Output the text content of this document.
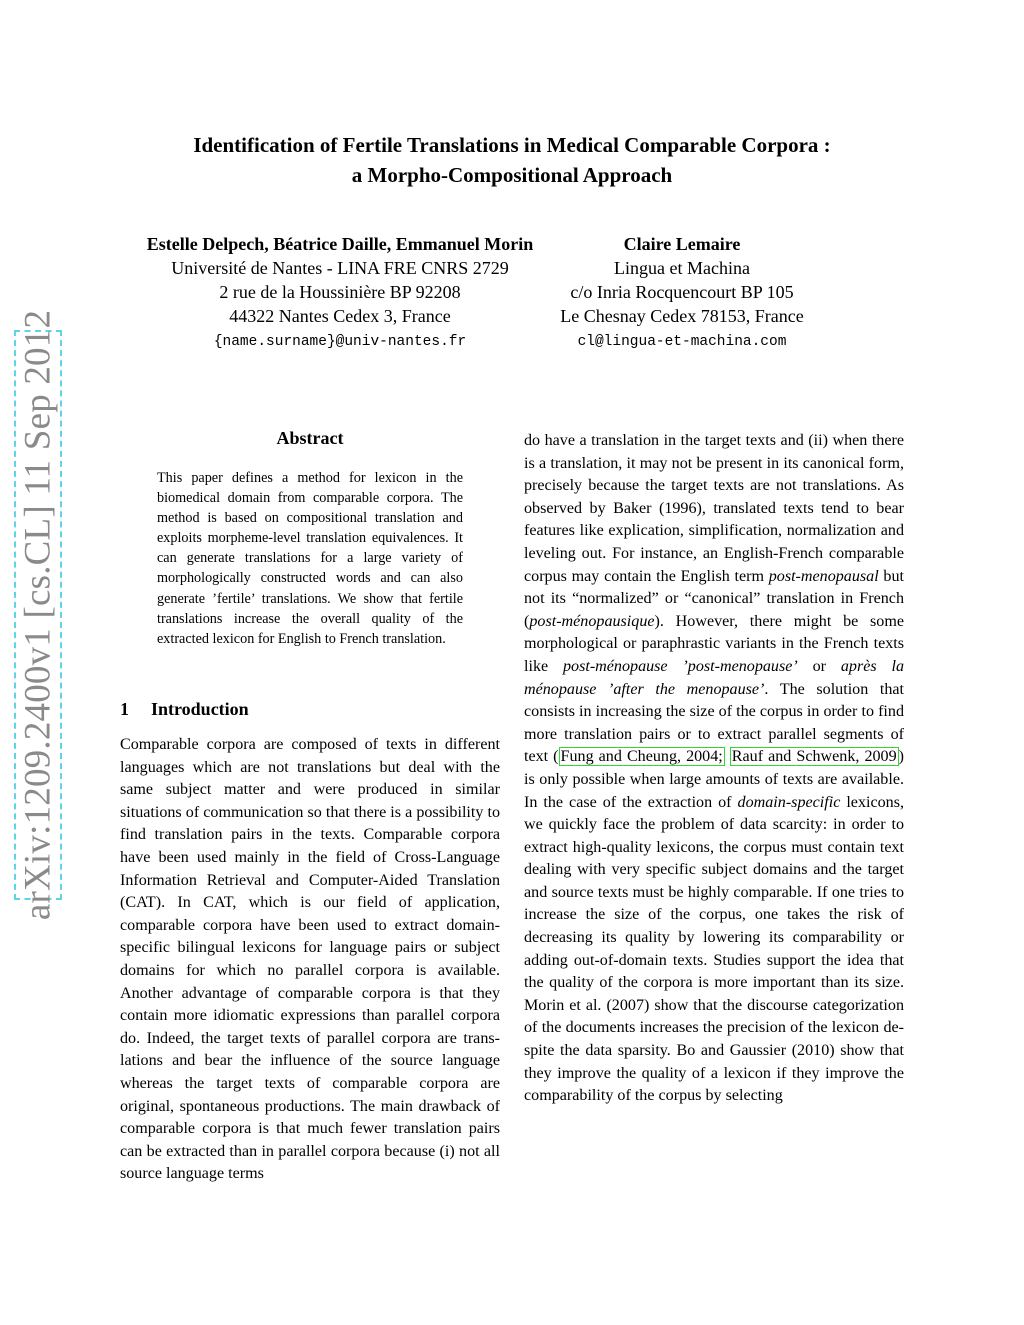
arXiv:1209.2400v1 [cs.CL] 11 Sep 2012
Identification of Fertile Translations in Medical Comparable Corpora :
a Morpho-Compositional Approach
Estelle Delpech, Béatrice Daille, Emmanuel Morin
Université de Nantes - LINA FRE CNRS 2729
2 rue de la Houssinière BP 92208
44322 Nantes Cedex 3, France
{name.surname}@univ-nantes.fr
Claire Lemaire
Lingua et Machina
c/o Inria Rocquencourt BP 105
Le Chesnay Cedex 78153, France
cl@lingua-et-machina.com
Abstract
This paper defines a method for lexicon in the biomedical domain from comparable corpora. The method is based on compositional translation and exploits morpheme-level translation equivalences. It can generate translations for a large variety of morphologically constructed words and can also generate ’fertile’ translations. We show that fertile translations increase the overall quality of the extracted lexicon for English to French translation.
1 Introduction
Comparable corpora are composed of texts in different languages which are not translations but deal with the same subject matter and were produced in similar situations of communication so that there is a possibility to find translation pairs in the texts. Comparable corpora have been used mainly in the field of Cross-Language Information Retrieval and Computer-Aided Translation (CAT). In CAT, which is our field of application, comparable corpora have been used to extract domain-specific bilingual lexicons for language pairs or subject domains for which no parallel corpora is available. Another advantage of comparable corpora is that they contain more idiomatic expressions than parallel corpora do. Indeed, the target texts of parallel corpora are translations and bear the influence of the source language whereas the target texts of comparable corpora are original, spontaneous productions. The main drawback of comparable corpora is that much fewer translation pairs can be extracted than in parallel corpora because (i) not all source language terms
do have a translation in the target texts and (ii) when there is a translation, it may not be present in its canonical form, precisely because the target texts are not translations. As observed by Baker (1996), translated texts tend to bear features like explication, simplification, normalization and leveling out. For instance, an English-French comparable corpus may contain the English term post-menopausal but not its “normalized” or “canonical” translation in French (post-ménopausique). However, there might be some morphological or paraphrastic variants in the French texts like post-ménopause ’post-menopause’ or après la ménopause ’after the menopause’. The solution that consists in increasing the size of the corpus in order to find more translation pairs or to extract parallel segments of text ( Fung and Cheung, 2004; Rauf and Schwenk, 2009 ) is only possible when large amounts of texts are available. In the case of the extraction of domain-specific lexicons, we quickly face the problem of data scarcity: in order to extract high-quality lexicons, the corpus must contain text dealing with very specific subject domains and the target and source texts must be highly comparable. If one tries to increase the size of the corpus, one takes the risk of decreasing its quality by lowering its comparability or adding out-of-domain texts. Studies support the idea that the quality of the corpora is more important than its size. Morin et al. (2007) show that the discourse categorization of the documents increases the precision of the lexicon despite the data sparsity. Bo and Gaussier (2010) show that they improve the quality of a lexicon if they improve the comparability of the corpus by selecting
